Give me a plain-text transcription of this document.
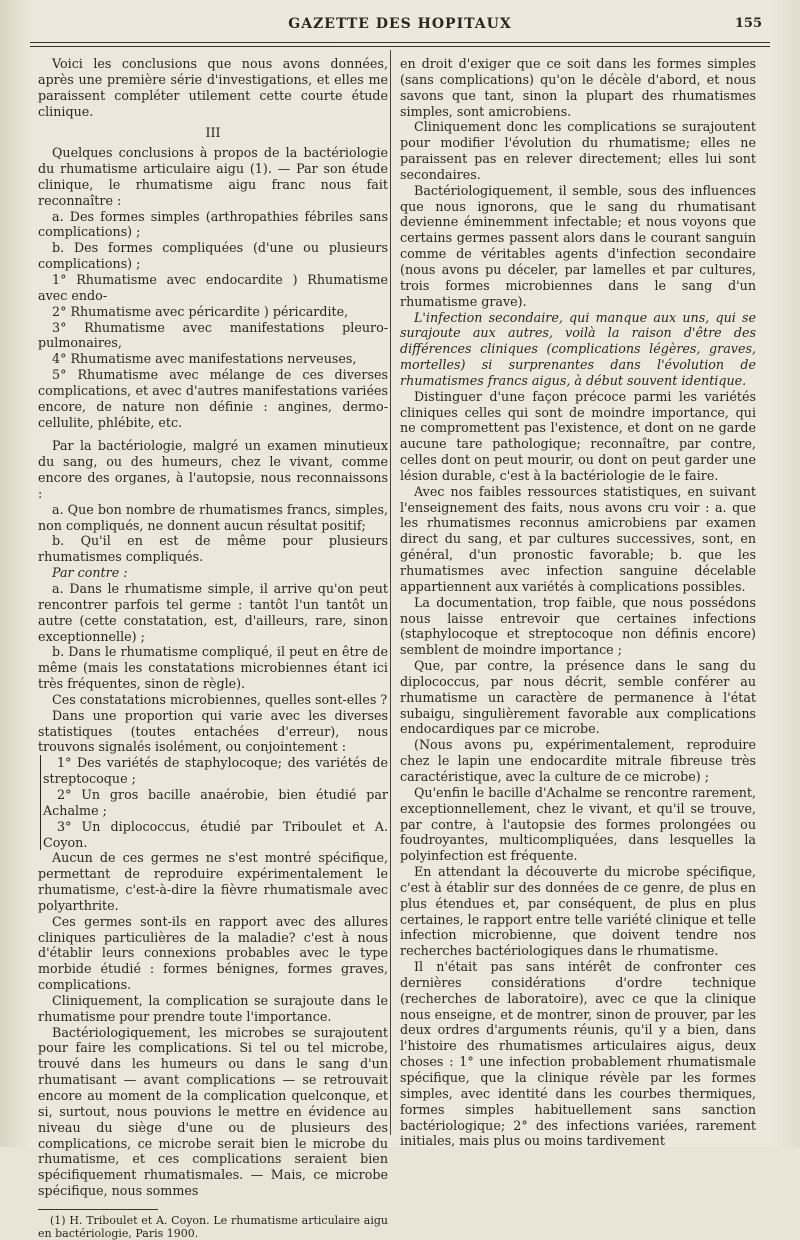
GAZETTE DES HOPITAUX	155

Voici les conclusions que nous avons données, après une première série d'investigations, et elles me paraissent compléter utilement cette courte étude clinique.

III

Quelques conclusions à propos de la bactériologie du rhumatisme articulaire aigu (1). — Par son étude clinique, le rhumatisme aigu franc nous fait reconnaître :

a. Des formes simples (arthropathies fébriles sans complications) ;

b. Des formes compliquées (d'une ou plusieurs complications) ;

1° Rhumatisme avec endocardite ) Rhumatisme avec endo-

2° Rhumatisme avec péricardite ) péricardite,

3° Rhumatisme avec manifestations pleuro-pulmonaires,

4° Rhumatisme avec manifestations nerveuses,

5° Rhumatisme avec mélange de ces diverses complications, et avec d'autres manifestations variées encore, de nature non définie : angines, dermo-cellulite, phlébite, etc.

Par la bactériologie, malgré un examen minutieux du sang, ou des humeurs, chez le vivant, comme encore des organes, à l'autopsie, nous reconnaissons :

a. Que bon nombre de rhumatismes francs, simples, non compliqués, ne donnent aucun résultat positif;

b. Qu'il en est de même pour plusieurs rhumatismes compliqués.

Par contre :

a. Dans le rhumatisme simple, il arrive qu'on peut rencontrer parfois tel germe : tantôt l'un tantôt un autre (cette constatation, est, d'ailleurs, rare, sinon exceptionnelle) ;

b. Dans le rhumatisme compliqué, il peut en être de même (mais les constatations microbiennes étant ici très fréquentes, sinon de règle).

Ces constatations microbiennes, quelles sont-elles ?

Dans une proportion qui varie avec les diverses statistiques (toutes entachées d'erreur), nous trouvons signalés isolément, ou conjointement :

1° Des variétés de staphylocoque; des variétés de streptocoque ;

2° Un gros bacille anaérobie, bien étudié par Achalme ;

3° Un diplococcus, étudié par Triboulet et A. Coyon.

Aucun de ces germes ne s'est montré spécifique, permettant de reproduire expérimentalement le rhumatisme, c'est-à-dire la fièvre rhumatismale avec polyarthrite.

Ces germes sont-ils en rapport avec des allures cliniques particulières de la maladie? c'est à nous d'établir leurs connexions probables avec le type morbide étudié : formes bénignes, formes graves, complications.

Cliniquement, la complication se surajoute dans le rhumatisme pour prendre toute l'importance.

Bactériologiquement, les microbes se surajoutent pour faire les complications. Si tel ou tel microbe, trouvé dans les humeurs ou dans le sang d'un rhumatisant — avant complications — se retrouvait encore au moment de la complication quelconque, et si, surtout, nous pouvions le mettre en évidence au niveau du siège d'une ou de plusieurs des complications, ce microbe serait bien le microbe du rhumatisme, et ces complications seraient bien spécifiquement rhumatismales. — Mais, ce microbe spécifique, nous sommes

(1) H. Triboulet et A. Coyon. Le rhumatisme articulaire aigu en bactériologie, Paris 1900.

en droit d'exiger que ce soit dans les formes simples (sans complications) qu'on le décèle d'abord, et nous savons que tant, sinon la plupart des rhumatismes simples, sont amicrobiens.

Cliniquement donc les complications se surajoutent pour modifier l'évolution du rhumatisme; elles ne paraissent pas en relever directement; elles lui sont secondaires.

Bactériologiquement, il semble, sous des influences que nous ignorons, que le sang du rhumatisant devienne éminemment infectable; et nous voyons que certains germes passent alors dans le courant sanguin comme de véritables agents d'infection secondaire (nous avons pu déceler, par lamelles et par cultures, trois formes microbiennes dans le sang d'un rhumatisme grave).

L'infection secondaire, qui manque aux uns, qui se surajoute aux autres, voilà la raison d'être des différences cliniques (complications légères, graves, mortelles) si surprenantes dans l'évolution de rhumatismes francs aigus, à début souvent identique.

Distinguer d'une façon précoce parmi les variétés cliniques celles qui sont de moindre importance, qui ne compromettent pas l'existence, et dont on ne garde aucune tare pathologique; reconnaître, par contre, celles dont on peut mourir, ou dont on peut garder une lésion durable, c'est à la bactériologie de le faire.

Avec nos faibles ressources statistiques, en suivant l'enseignement des faits, nous avons cru voir : a. que les rhumatismes reconnus amicrobiens par examen direct du sang, et par cultures successives, sont, en général, d'un pronostic favorable; b. que les rhumatismes avec infection sanguine décelable appartiennent aux variétés à complications possibles.

La documentation, trop faible, que nous possédons nous laisse entrevoir que certaines infections (staphylocoque et streptocoque non définis encore) semblent de moindre importance ;

Que, par contre, la présence dans le sang du diplococcus, par nous décrit, semble conférer au rhumatisme un caractère de permanence à l'état subaigu, singulièrement favorable aux complications endocardiques par ce microbe.

(Nous avons pu, expérimentalement, reproduire chez le lapin une endocardite mitrale fibreuse très caractéristique, avec la culture de ce microbe) ;

Qu'enfin le bacille d'Achalme se rencontre rarement, exceptionnellement, chez le vivant, et qu'il se trouve, par contre, à l'autopsie des formes prolongées ou foudroyantes, multicompliquées, dans lesquelles la polyinfection est fréquente.

En attendant la découverte du microbe spécifique, c'est à établir sur des données de ce genre, de plus en plus étendues et, par conséquent, de plus en plus certaines, le rapport entre telle variété clinique et telle infection microbienne, que doivent tendre nos recherches bactériologiques dans le rhumatisme.

Il n'était pas sans intérêt de confronter ces dernières considérations d'ordre technique (recherches de laboratoire), avec ce que la clinique nous enseigne, et de montrer, sinon de prouver, par les deux ordres d'arguments réunis, qu'il y a bien, dans l'histoire des rhumatismes articulaires aigus, deux choses : 1° une infection probablement rhumatismale spécifique, que la clinique révèle par les formes simples, avec identité dans les courbes thermiques, formes simples habituellement sans sanction bactériologique; 2° des infections variées, rarement initiales, mais plus ou moins tardivement
